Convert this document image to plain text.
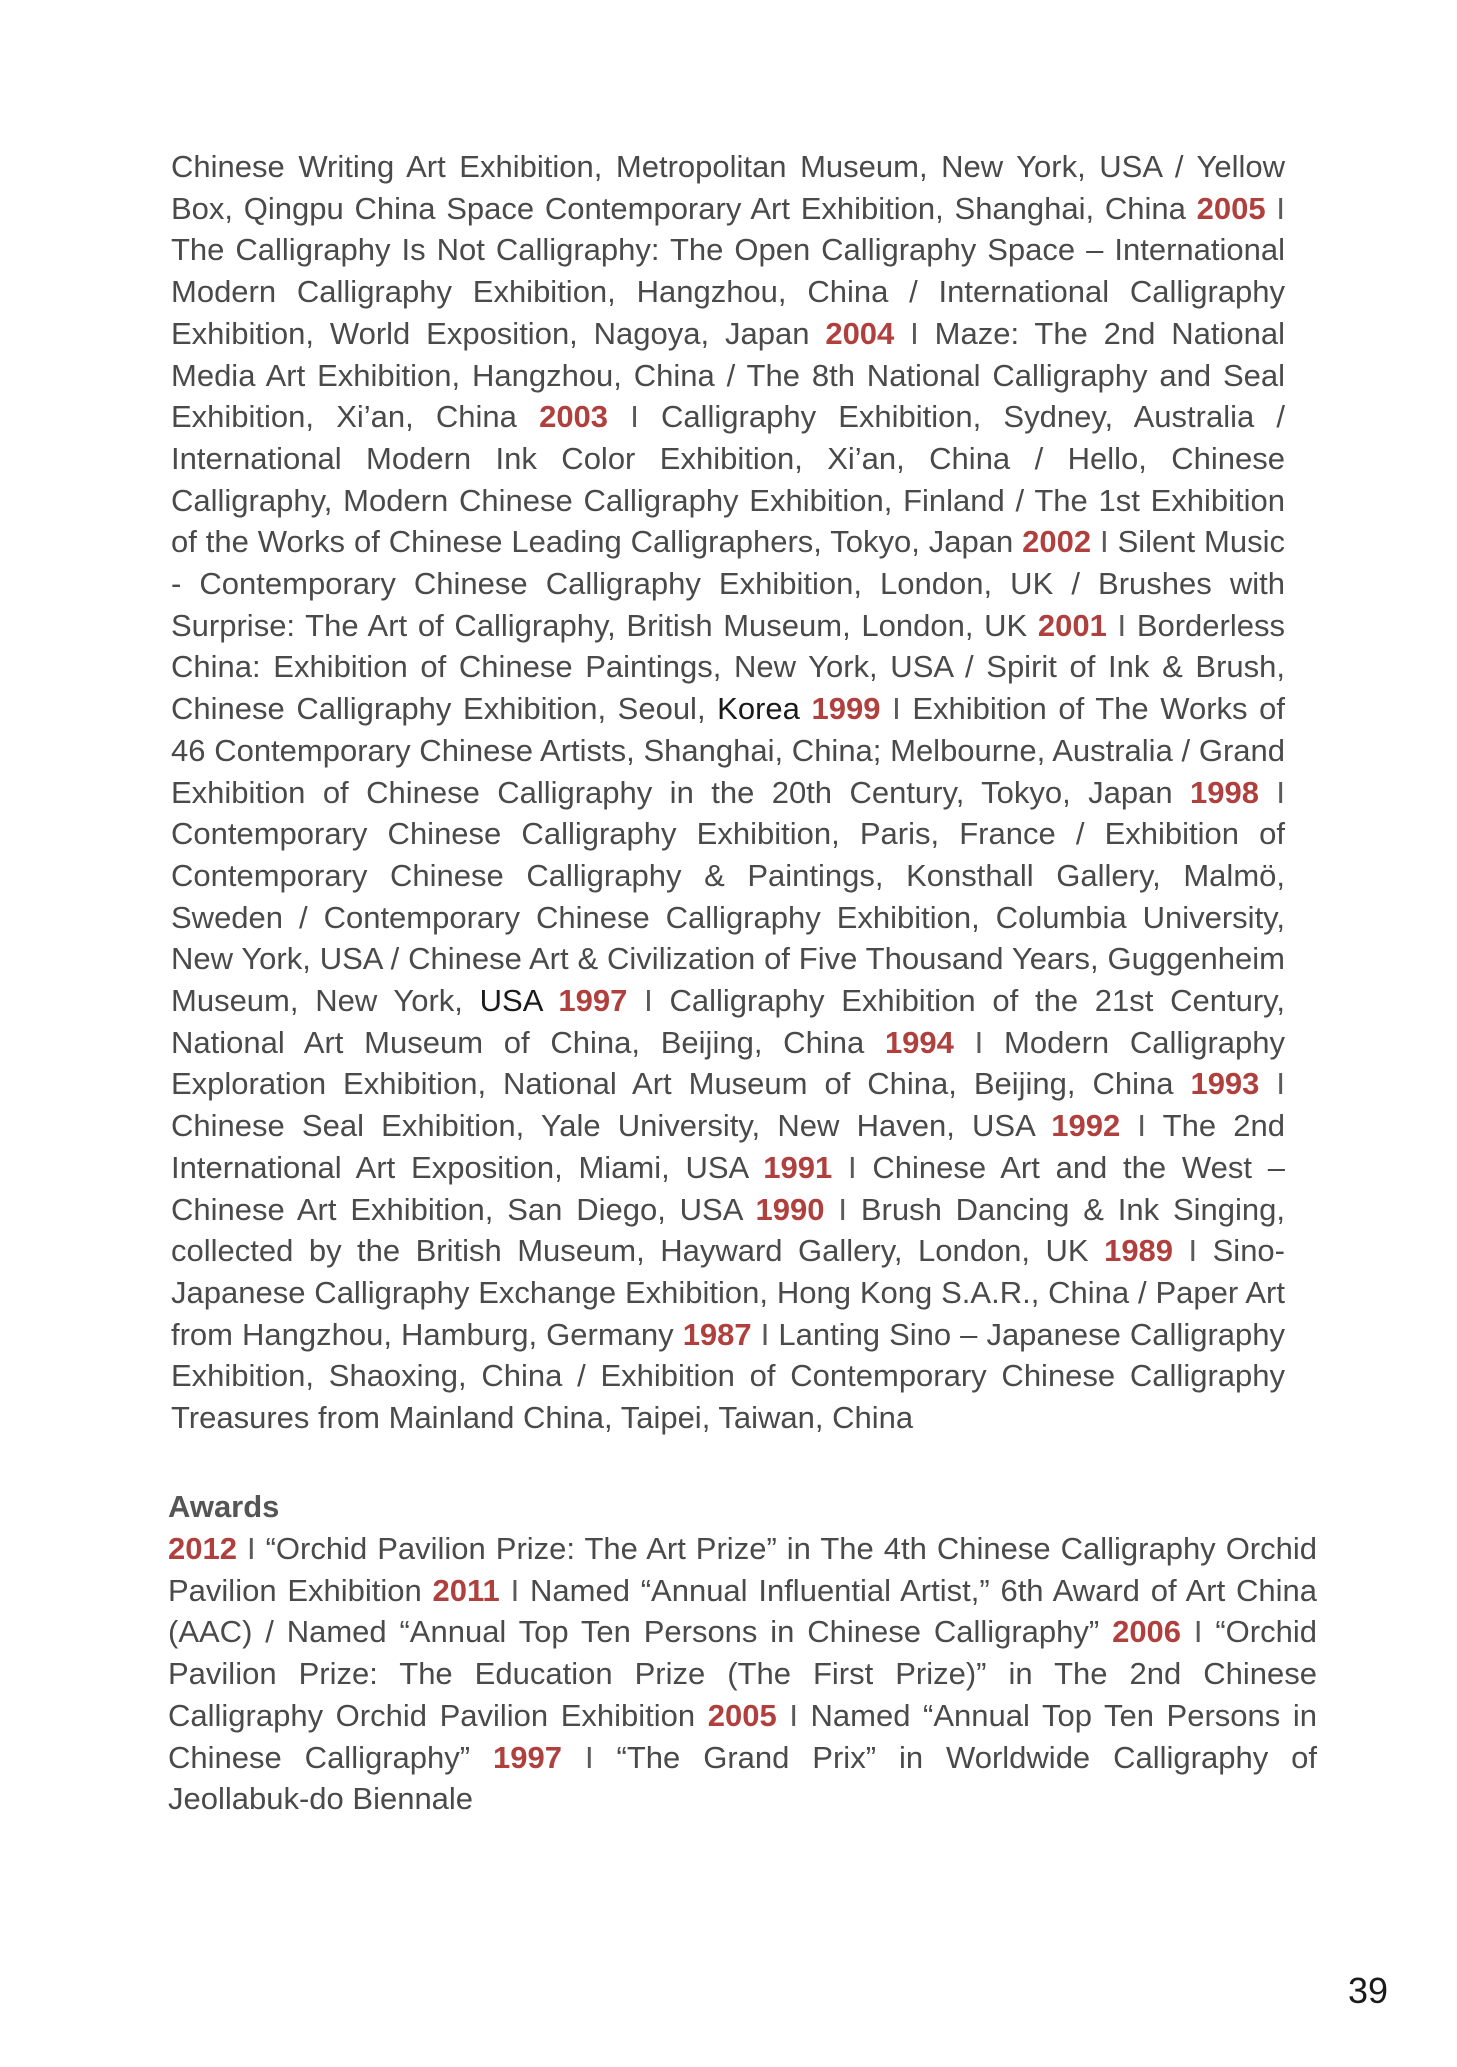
Chinese Writing Art Exhibition, Metropolitan Museum, New York, USA / Yellow Box, Qingpu China Space Contemporary Art Exhibition, Shanghai, China 2005 I The Calligraphy Is Not Calligraphy: The Open Calligraphy Space – International Modern Calligraphy Exhibition, Hangzhou, China / International Calligraphy Exhibition, World Exposition, Nagoya, Japan 2004 I Maze: The 2nd National Media Art Exhibition, Hangzhou, China / The 8th National Calligraphy and Seal Exhibition, Xi’an, China 2003 I Calligraphy Exhibition, Sydney, Australia / International Modern Ink Color Exhibition, Xi’an, China / Hello, Chinese Calligraphy, Modern Chinese Calligraphy Exhibition, Finland / The 1st Exhibition of the Works of Chinese Leading Calligraphers, Tokyo, Japan 2002 I Silent Music - Contemporary Chinese Calligraphy Exhibition, London, UK / Brushes with Surprise: The Art of Calligraphy, British Museum, London, UK 2001 I Borderless China: Exhibition of Chinese Paintings, New York, USA / Spirit of Ink & Brush, Chinese Calligraphy Exhibition, Seoul, Korea 1999 I Exhibition of The Works of 46 Contemporary Chinese Artists, Shanghai, China; Melbourne, Australia / Grand Exhibition of Chinese Calligraphy in the 20th Century, Tokyo, Japan 1998 I Contemporary Chinese Calligraphy Exhibition, Paris, France / Exhibition of Contemporary Chinese Calligraphy & Paintings, Konsthall Gallery, Malmö, Sweden / Contemporary Chinese Calligraphy Exhibition, Columbia University, New York, USA / Chinese Art & Civilization of Five Thousand Years, Guggenheim Museum, New York, USA 1997 I Calligraphy Exhibition of the 21st Century, National Art Museum of China, Beijing, China 1994 I Modern Calligraphy Exploration Exhibition, National Art Museum of China, Beijing, China 1993 I Chinese Seal Exhibition, Yale University, New Haven, USA 1992 I The 2nd International Art Exposition, Miami, USA 1991 I Chinese Art and the West – Chinese Art Exhibition, San Diego, USA 1990 I Brush Dancing & Ink Singing, collected by the British Museum, Hayward Gallery, London, UK 1989 I Sino-Japanese Calligraphy Exchange Exhibition, Hong Kong S.A.R., China / Paper Art from Hangzhou, Hamburg, Germany 1987 I Lanting Sino – Japanese Calligraphy Exhibition, Shaoxing, China / Exhibition of Contemporary Chinese Calligraphy Treasures from Mainland China, Taipei, Taiwan, China
Awards
2012 I “Orchid Pavilion Prize: The Art Prize” in The 4th Chinese Calligraphy Orchid Pavilion Exhibition 2011 I Named “Annual Influential Artist,” 6th Award of Art China (AAC) / Named “Annual Top Ten Persons in Chinese Calligraphy” 2006 I “Orchid Pavilion Prize: The Education Prize (The First Prize)” in The 2nd Chinese Calligraphy Orchid Pavilion Exhibition 2005 I Named “Annual Top Ten Persons in Chinese Calligraphy” 1997 I “The Grand Prix” in Worldwide Calligraphy of Jeollabuk-do Biennale
39
